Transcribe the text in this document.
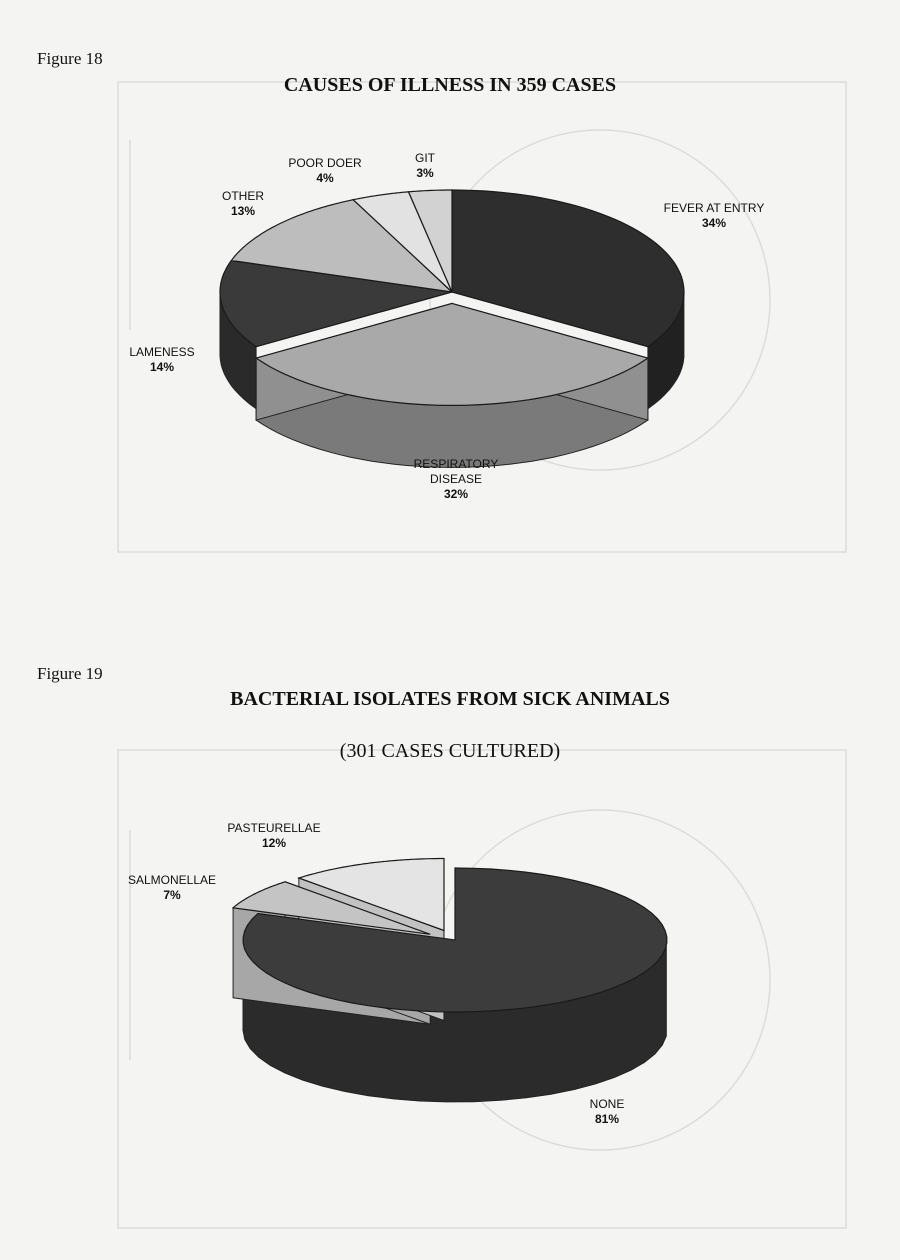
Figure 18
CAUSES OF ILLNESS IN 359 CASES
FEVER AT ENTRY 34%
RESPIRATORY DISEASE 32%
LAMENESS 14%
OTHER 13%
POOR DOER 4%
GIT 3%
Figure 19
BACTERIAL ISOLATES FROM SICK ANIMALS
(301 CASES CULTURED)
NONE 81%
SALMONELLAE 7%
PASTEURELLAE 12%
